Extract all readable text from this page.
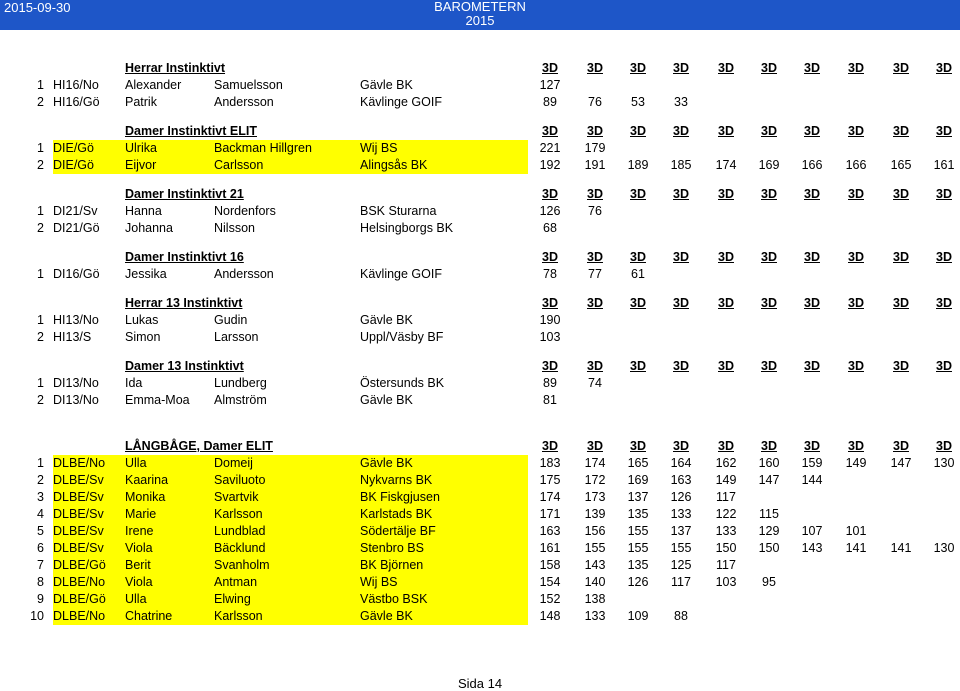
2015-09-30	BAROMETERN
2015
Herrar Instinktivt	3D	3D	3D	3D	3D	3D	3D	3D	3D	3D
1 HI16/No	Alexander	Samuelsson	Gävle BK	127
2 HI16/Gö	Patrik	Andersson	Kävlinge GOIF	89	76	53	33
Damer Instinktivt ELIT	3D	3D	3D	3D	3D	3D	3D	3D	3D	3D
1 DIE/Gö	Ulrika	Backman Hillgren	Wij BS	221	179
2 DIE/Gö	Eijvor	Carlsson	Alingsås BK	192	191	189	185	174	169	166	166	165	161
Damer Instinktivt 21	3D	3D	3D	3D	3D	3D	3D	3D	3D	3D
1 DI21/Sv	Hanna	Nordenfors	BSK Sturarna	126	76
2 DI21/Gö	Johanna	Nilsson	Helsingborgs BK	68
Damer Instinktivt 16	3D	3D	3D	3D	3D	3D	3D	3D	3D	3D
1 DI16/Gö	Jessika	Andersson	Kävlinge GOIF	78	77	61
Herrar 13 Instinktivt	3D	3D	3D	3D	3D	3D	3D	3D	3D	3D
1 HI13/No	Lukas	Gudin	Gävle BK	190
2 HI13/S	Simon	Larsson	Uppl/Väsby BF	103
Damer 13 Instinktivt	3D	3D	3D	3D	3D	3D	3D	3D	3D	3D
1 DI13/No	Ida	Lundberg	Östersunds BK	89	74
2 DI13/No	Emma-Moa	Almström	Gävle BK	81
LÅNGBÅGE, Damer ELIT	3D	3D	3D	3D	3D	3D	3D	3D	3D	3D
1 DLBE/No	Ulla	Domeij	Gävle BK	183	174	165	164	162	160	159	149	147	130
2 DLBE/Sv	Kaarina	Saviluoto	Nykvarns BK	175	172	169	163	149	147	144
3 DLBE/Sv	Monika	Svartvik	BK Fiskgjusen	174	173	137	126	117
4 DLBE/Sv	Marie	Karlsson	Karlstads BK	171	139	135	133	122	115
5 DLBE/Sv	Irene	Lundblad	Södertälje BF	163	156	155	137	133	129	107	101
6 DLBE/Sv	Viola	Bäcklund	Stenbro BS	161	155	155	155	150	150	143	141	141	130
7 DLBE/Gö	Berit	Svanholm	BK Björnen	158	143	135	125	117
8 DLBE/No	Viola	Antman	Wij BS	154	140	126	117	103	95
9 DLBE/Gö	Ulla	Elwing	Västbo BSK	152	138
10 DLBE/No	Chatrine	Karlsson	Gävle BK	148	133	109	88
Sida 14
